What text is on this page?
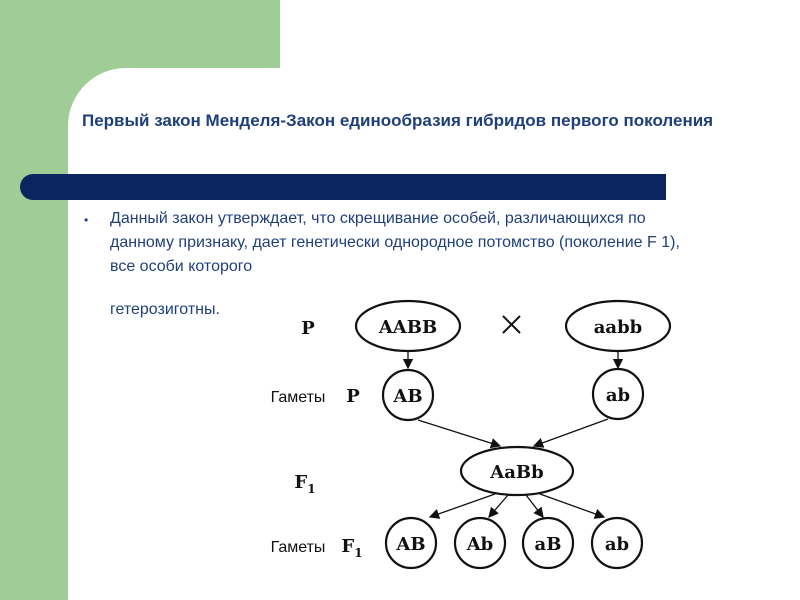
Первый закон Менделя-Закон единообразия гибридов первого поколения
• Данный закон утверждает, что скрещивание особей, различающихся по данному признаку, дает генетически однородное потомство (поколение F 1), все особи которого

гетерозиготны.

P	AABB	aabb
Гаметы P AB	ab
$F_1$
AaBb
Гаметы $F_1$ AB Ab aB ab
